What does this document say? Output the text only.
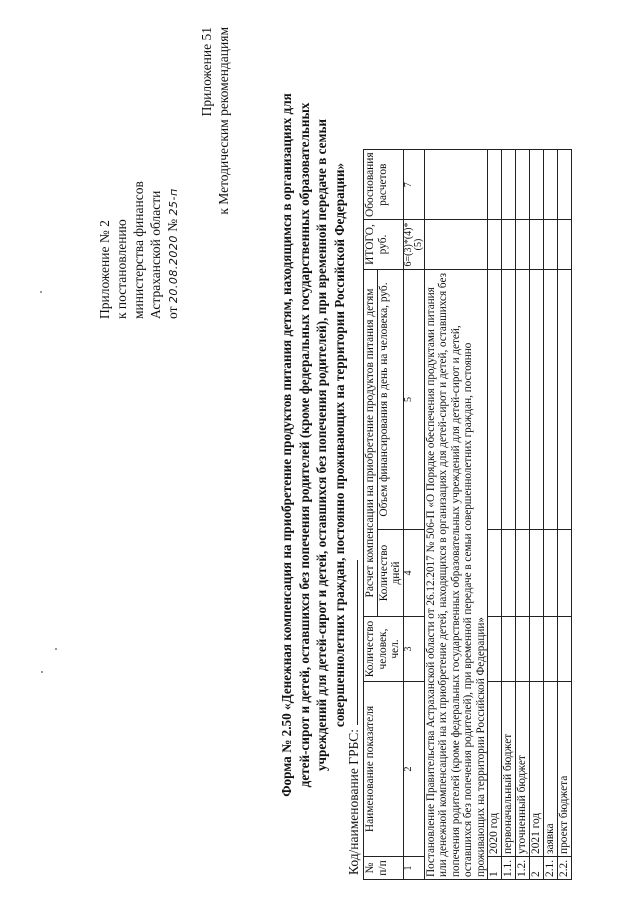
Приложение № 2 к постановлению министерства финансов Астраханской области от 20.08.2020 № 25-п
Приложение 51 к Методическим рекомендациям	Форма № 2.50 «Денежная компенсация на приобретение продуктов питания детям, находящимся в организациях для детей-сирот и детей, оставшихся без попечения родителей (кроме федеральных государственных образовательных учреждений для детей-сирот и детей, оставшихся без попечения родителей), при временной передаче в семьи совершеннолетних граждан, постоянно проживающих на территории Российской Федерации»
Код/наименование ГРБС: № п/п	Наименование показателя	Количество человек, чел.	Расчет компенсации на приобретение продуктов питания детям		ИТОГО, руб.	Обоснования расчетов
			Количество дней	Объем финансирования в день на человека, руб.		
1	2	3	4	5	6=(3)*(4)*(5)	7
Постановление Правительства Астраханской области от 26.12.2017 № 506-П «О Порядке обеспечения продуктами питания или денежной компенсацией на их приобретение детей, находящихся в организациях для детей-сирот и детей, оставшихся без попечения родителей (кроме федеральных государственных образовательных учреждений для детей-сирот и детей, оставшихся без попечения родителей), при временной передаче в семьи совершеннолетних граждан, постоянно проживающих на территории Российской Федерации»						
1	2020 год					
1.1.	первоначальный бюджет					
1.2.	уточненный бюджет					
2	2021 год					
2.1.	заявка					
2.2.	проект бюджета					
